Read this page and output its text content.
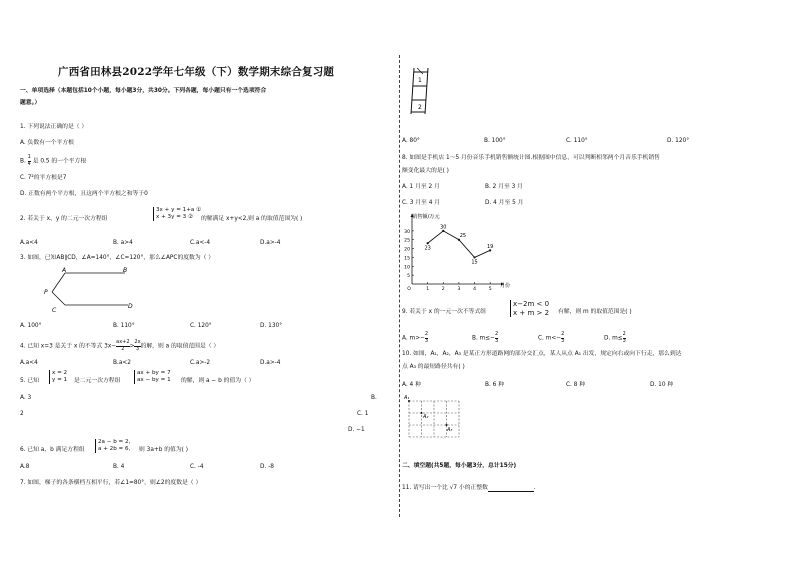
广西省田林县2022学年七年级（下）数学期末综合复习题
一、单项选择（本题包括10个小题，每小题3分，共30分。下列各题，每小题只有一个选项符合
题意。）
1. 下列说法正确的是（ ）
A. 负数有一个平方根
B. $\frac{1}{4}$ 是 0.5 的一个平方根
C. 7²的平方根是7
D. 正数有两个平方根，且这两个平方根之和等于0
2. 若关于 x、y 的二元一次方程组
3x + y = 1+a ①
x + 3y = 3 ②	的解满足 x+y<2,则 a 的取值范围为( )
A.a<4	B. a>4	C.a<-4	D.a>-4
3. 如图，已知AB∥CD，∠A=140°，∠C=120°，那么∠APC的度数为（ ）
A	B
P
C
D
A. 100°	B. 110°	C. 120°	D. 130°
4. 已知 x=3 是关于 x 的不等式 $3x- \frac{ax+2}{2} > \frac{2x}{3}$ 的解，则 a 的取值范围是（ ）
A.a<4	B.a<2	C.a>-2	D.a>-4
5. 已知
x = 2
y = 1 是二元一次方程组
ax + by = 7
ax − by = 1 的解，则 a − b 的值为（ ）
A. 3	B.
2	C. 1
D. −1
6. 已知 a、b 满足方程组
2a − b = 2,
a + 2b = 6, 则 3a+b 的值为( )
A.8	B. 4	C. -4	D. -8
7. 如图，梯子的各条横档互相平行，若∠1=80°，则∠2的度数是（ ）
1
2
A. 80°	B. 100°	C. 110°	D. 120°
8. 如图是手机店 1～5 月份音乐手机销售额统计图.根据图中信息，可以判断相邻两个月音乐手机销售
额变化最大的是( )
A. 1 月至 2 月	B. 2 月至 3 月
C. 3 月至 4 月	D. 4 月至 5 月
5
10
15
20
25
30
1	2	3	4	5
O
销售额/万元
月份
23
30
25
15
19
9. 若关于 x 的一元一次不等式组
x−2m < 0
x + m > 2 有解，则 m 的取值范围是( )
A. $m>- \frac{2}{3}$	B. $m\le- \frac{2}{3}$	C. $m<- \frac{2}{3}$	D. $m\le \frac{2}{3}$
10. 如图，A₁，A₂，A₃ 是某正方形道路网的部分交汇点，某人从点 A₁ 出发，规定向右或向下行走，那么到达
点 A₃ 的最短路径共有( )
A. 4 种	B. 6 种	C. 8 种	D. 10 种
A₁
A₂
A₃
二、填空题(共5题，每小题3分，总计15分)
11. 请写出一个比 √7 小的正整数	.
